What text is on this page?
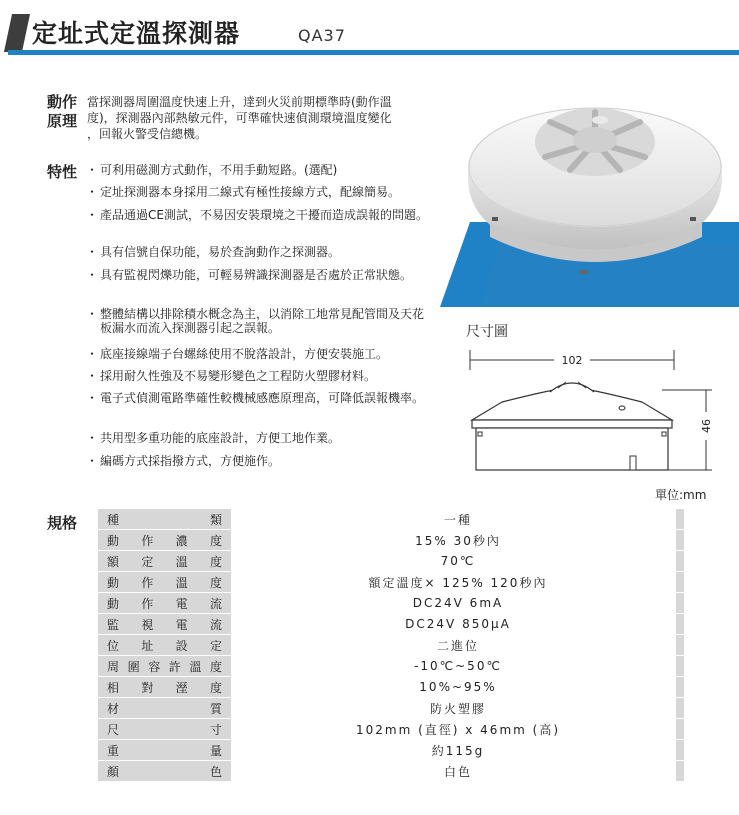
定址式定溫探測器	QA37
動作
原理
當探測器周圍溫度快速上升，達到火災前期標準時(動作溫
度)，探測器內部熱敏元件，可準確快速偵測環境溫度變化
，回報火警受信總機。
特性	・ 可利用磁測方式動作，不用手動短路。(選配)
・ 定址探測器本身採用二線式有極性接線方式，配線簡易。
・ 產品通過CE測試，不易因安裝環境之干擾而造成誤報的問題。
・ 具有信號自保功能，易於查詢動作之探測器。
・ 具有監視閃爍功能，可輕易辨識探測器是否處於正常狀態。
・ 整體結構以排除積水概念為主，以消除工地常見配管間及天花板漏水而流入探測器引起之誤報。
・ 底座接線端子台螺絲使用不脫落設計，方便安裝施工。
・ 採用耐久性強及不易變形變色之工程防火塑膠材料。
・ 電子式偵測電路準確性較機械感應原理高，可降低誤報機率。
・ 共用型多重功能的底座設計，方便工地作業。
・ 編碼方式採指撥方式，方便施作。
尺寸圖
102
46
單位:mm
規格 種類	一種

動作濃度	15% 30秒內

額定溫度	70℃

動作溫度	額定溫度× 125% 120秒內

動作電流	DC24V 6mA

監視電流	DC24V 850μA

位址設定	二進位

周圍容許溫度	-10℃~50℃

相對溼度	10%~95%

材質	防火塑膠

尺寸	102mm (直徑) x 46mm (高)

重量	約115g

顏色	白色
